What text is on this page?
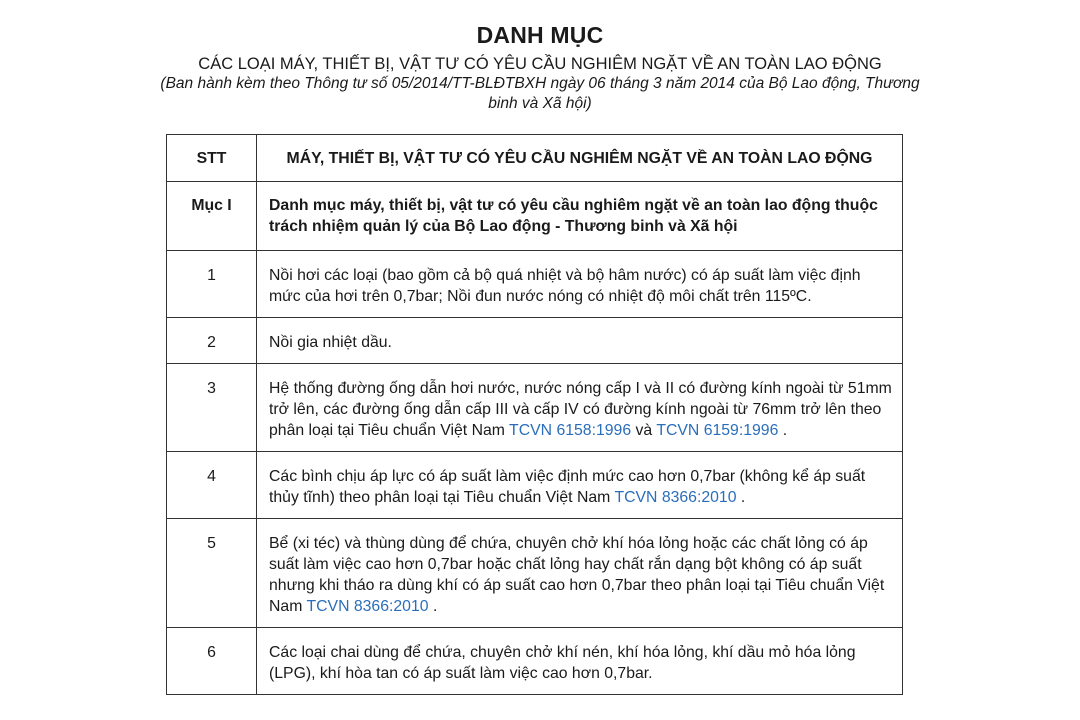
DANH MỤC

CÁC LOẠI MÁY, THIẾT BỊ, VẬT TƯ CÓ YÊU CẦU NGHIÊM NGẶT VỀ AN TOÀN LAO ĐỘNG

(Ban hành kèm theo Thông tư số 05/2014/TT-BLĐTBXH ngày 06 tháng 3 năm 2014 của Bộ Lao động, Thương binh và Xã hội)

STT	MÁY, THIẾT BỊ, VẬT TƯ CÓ YÊU CẦU NGHIÊM NGẶT VỀ AN TOÀN LAO ĐỘNG
Mục I	Danh mục máy, thiết bị, vật tư có yêu cầu nghiêm ngặt về an toàn lao động thuộc trách nhiệm quản lý của Bộ Lao động - Thương binh và Xã hội
1	Nồi hơi các loại (bao gồm cả bộ quá nhiệt và bộ hâm nước) có áp suất làm việc định mức của hơi trên 0,7bar; Nồi đun nước nóng có nhiệt độ môi chất trên 115ºC.
2	Nồi gia nhiệt dầu.
3	Hệ thống đường ống dẫn hơi nước, nước nóng cấp I và II có đường kính ngoài từ 51mm trở lên, các đường ống dẫn cấp III và cấp IV có đường kính ngoài từ 76mm trở lên theo phân loại tại Tiêu chuẩn Việt Nam TCVN 6158:1996 và TCVN 6159:1996 .
4	Các bình chịu áp lực có áp suất làm việc định mức cao hơn 0,7bar (không kể áp suất thủy tĩnh) theo phân loại tại Tiêu chuẩn Việt Nam TCVN 8366:2010 .
5	Bể (xi téc) và thùng dùng để chứa, chuyên chở khí hóa lỏng hoặc các chất lỏng có áp suất làm việc cao hơn 0,7bar hoặc chất lỏng hay chất rắn dạng bột không có áp suất nhưng khi tháo ra dùng khí có áp suất cao hơn 0,7bar theo phân loại tại Tiêu chuẩn Việt Nam TCVN 8366:2010 .
6	Các loại chai dùng để chứa, chuyên chở khí nén, khí hóa lỏng, khí dầu mỏ hóa lỏng (LPG), khí hòa tan có áp suất làm việc cao hơn 0,7bar.
